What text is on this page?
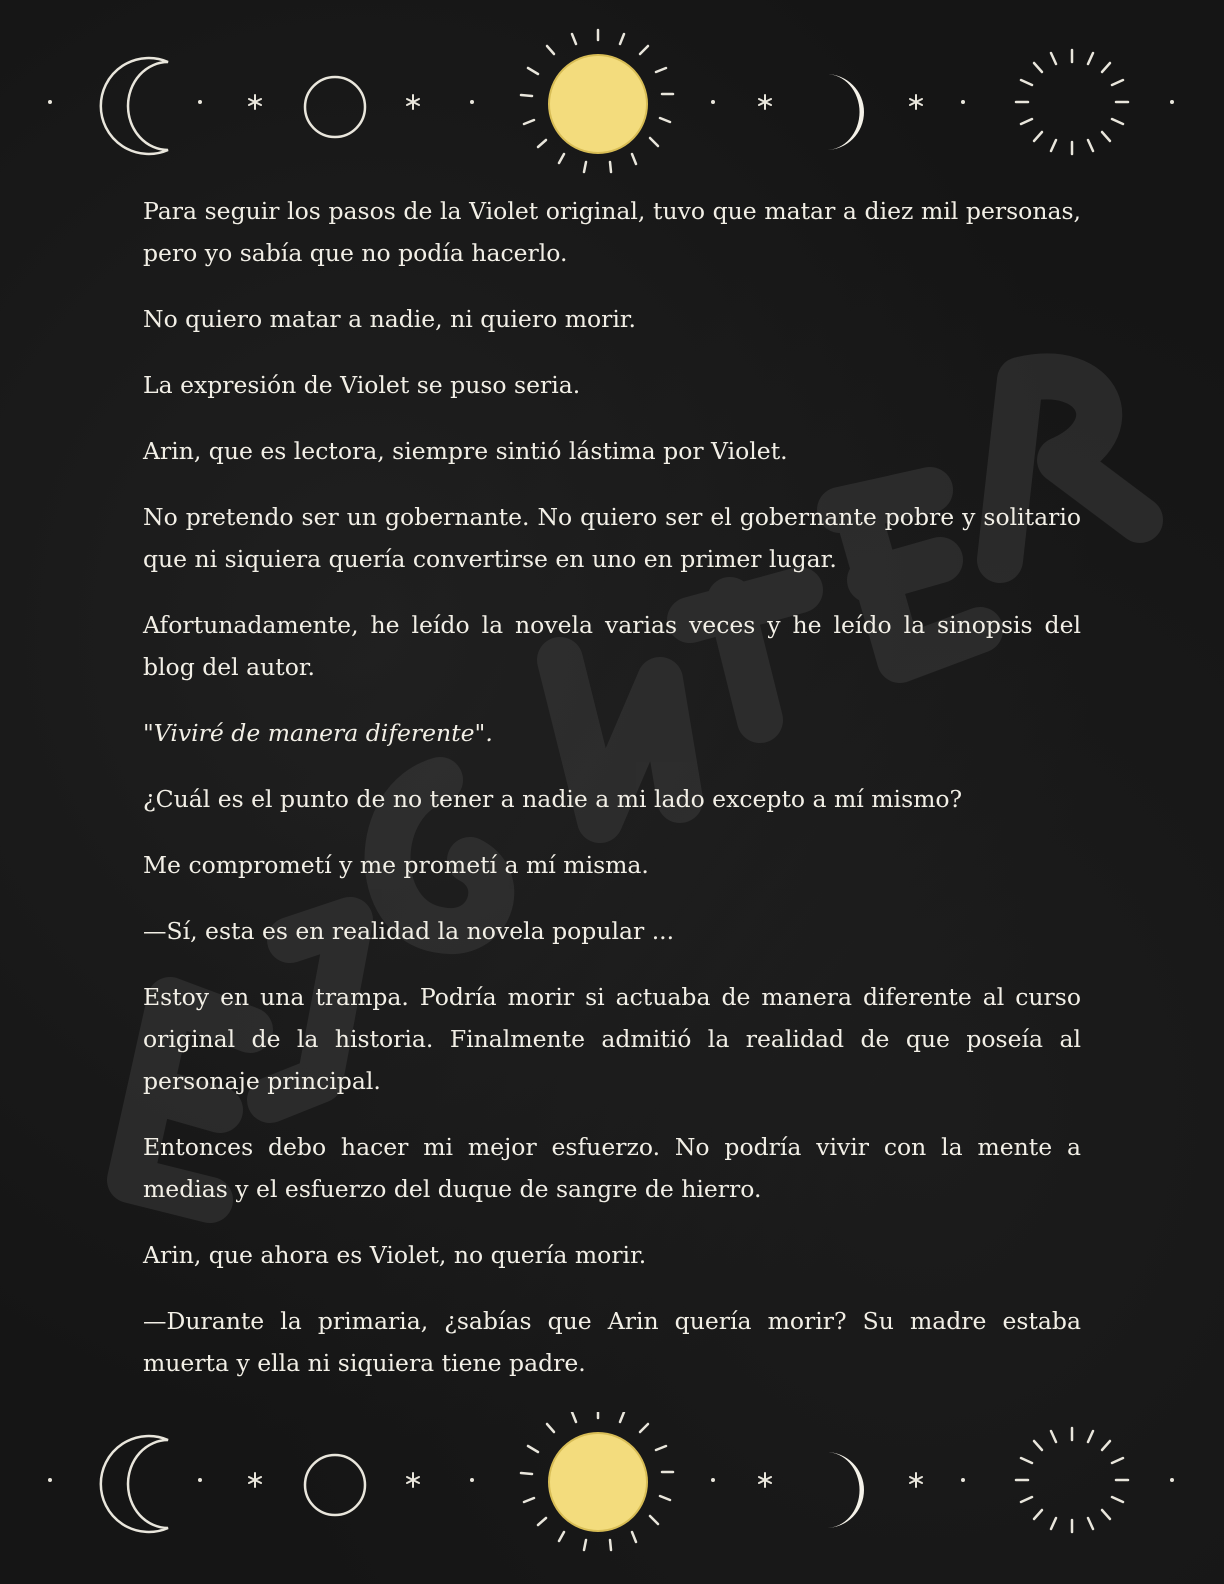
Para seguir los pasos de la Violet original, tuvo que matar a diez mil personas, pero yo sabía que no podía hacerlo.

No quiero matar a nadie, ni quiero morir.

La expresión de Violet se puso seria.

Arin, que es lectora, siempre sintió lástima por Violet.

No pretendo ser un gobernante. No quiero ser el gobernante pobre y solitario que ni siquiera quería convertirse en uno en primer lugar.

Afortunadamente, he leído la novela varias veces y he leído la sinopsis del blog del autor.

"Viviré de manera diferente".

¿Cuál es el punto de no tener a nadie a mi lado excepto a mí mismo?

Me comprometí y me prometí a mí misma.

—Sí, esta es en realidad la novela popular ...

Estoy en una trampa. Podría morir si actuaba de manera diferente al curso original de la historia. Finalmente admitió la realidad de que poseía al personaje principal.

Entonces debo hacer mi mejor esfuerzo. No podría vivir con la mente a medias y el esfuerzo del duque de sangre de hierro.

Arin, que ahora es Violet, no quería morir.

—Durante la primaria, ¿sabías que Arin quería morir? Su madre estaba muerta y ella ni siquiera tiene padre.
